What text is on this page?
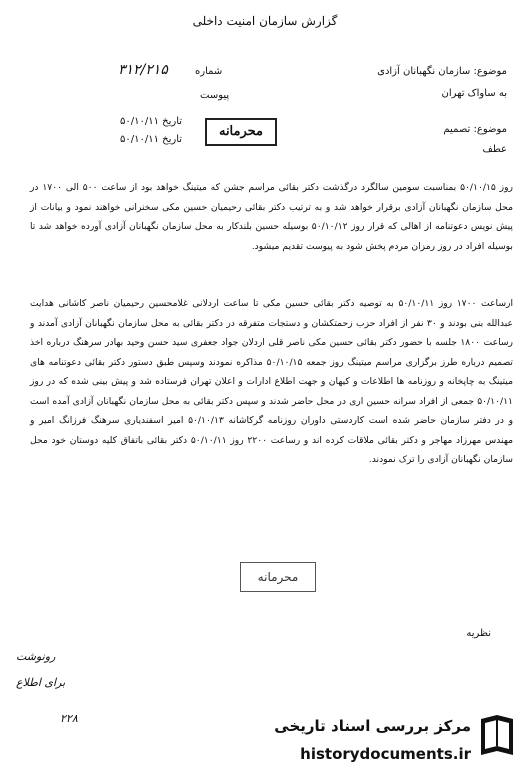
گزارش سازمان امنیت داخلی
موضوع: سازمان نگهبانان آزادی
به ساواک تهران
موضوع: تصمیم
عطف
شماره
۳۱۲/۲۱۵
پیوست
۵۰/۱۰/۱۱ تاریخ
۵۰/۱۰/۱۱ تاریخ
محرمانه
روز ۵۰/۱۰/۱۵ بمناسبت سومین سالگرد درگذشت دکتر بقائی مراسم جشن که میتینگ خواهد بود از ساعت ۵۰۰ الی ۱۷۰۰ در محل سازمان نگهبانان آزادی برقرار خواهد شد و به ترتیب دکتر بقائی رحیمیان حسین مکی سخنرانی خواهند نمود و بیانات از پیش نویس دعوتنامه از اهالی که قرار روز ۵۰/۱۰/۱۲ بوسیله حسین بلندکار به محل سازمان نگهبانان آزادی آورده خواهد شد تا بوسیله افراد در روز رمزان مردم پخش شود به پیوست تقدیم میشود.
ارساعت ۱۷۰۰ روز ۵۰/۱۰/۱۱ به توصیه دکتر بقائی حسین مکی تا ساعت اردلانی غلامحسین رحیمیان ناصر کاشانی هدایت عبدالله بنی بودند و ۳۰ نفر از افراد حزب زحمتکشان و دستجات متفرقه در دکتر بقائی به محل سازمان نگهبانان آزادی آمدند و رساعت ۱۸۰۰ جلسه با حضور دکتر بقائی حسین مکی ناصر قلی اردلان جواد جعفری سید حسن وحید بهادر سرهنگ درباره اخذ تصمیم درباره طرز برگزاری مراسم میتینگ روز جمعه ۵۰/۱۰/۱۵ مذاکره نمودند وسپس طبق دستور دکتر بقائی دعوتنامه های میتینگ به چاپخانه و روزنامه ها اطلاعات و کیهان و جهت اطلاع ادارات و اعلان تهران فرستاده شد و پیش بینی شده که در روز ۵۰/۱۰/۱۱ جمعی از افراد سرانه حسین اری در محل حاضر شدند و سپس دکتر بقائی به محل سازمان نگهبانان آزادی آمده است و در دفتر سازمان حاضر شده است کاردستی داوران روزنامه گرکاشانه ۵۰/۱۰/۱۳ امیر اسفندیاری سرهنگ فرزانگ امیر و مهندس مهرزاد مهاجر و دکتر بقائی ملاقات کرده اند و رساعت ۲۲۰۰ روز ۵۰/۱۰/۱۱ دکتر بقائی باتفاق کلیه دوستان خود محل سازمان نگهبانان آزادی را ترک نمودند.
محرمانه
نظریه
رونوشت
برای اطلاع
۲۲۸	مرکز بررسی اسناد تاریخی
historydocuments.ir
